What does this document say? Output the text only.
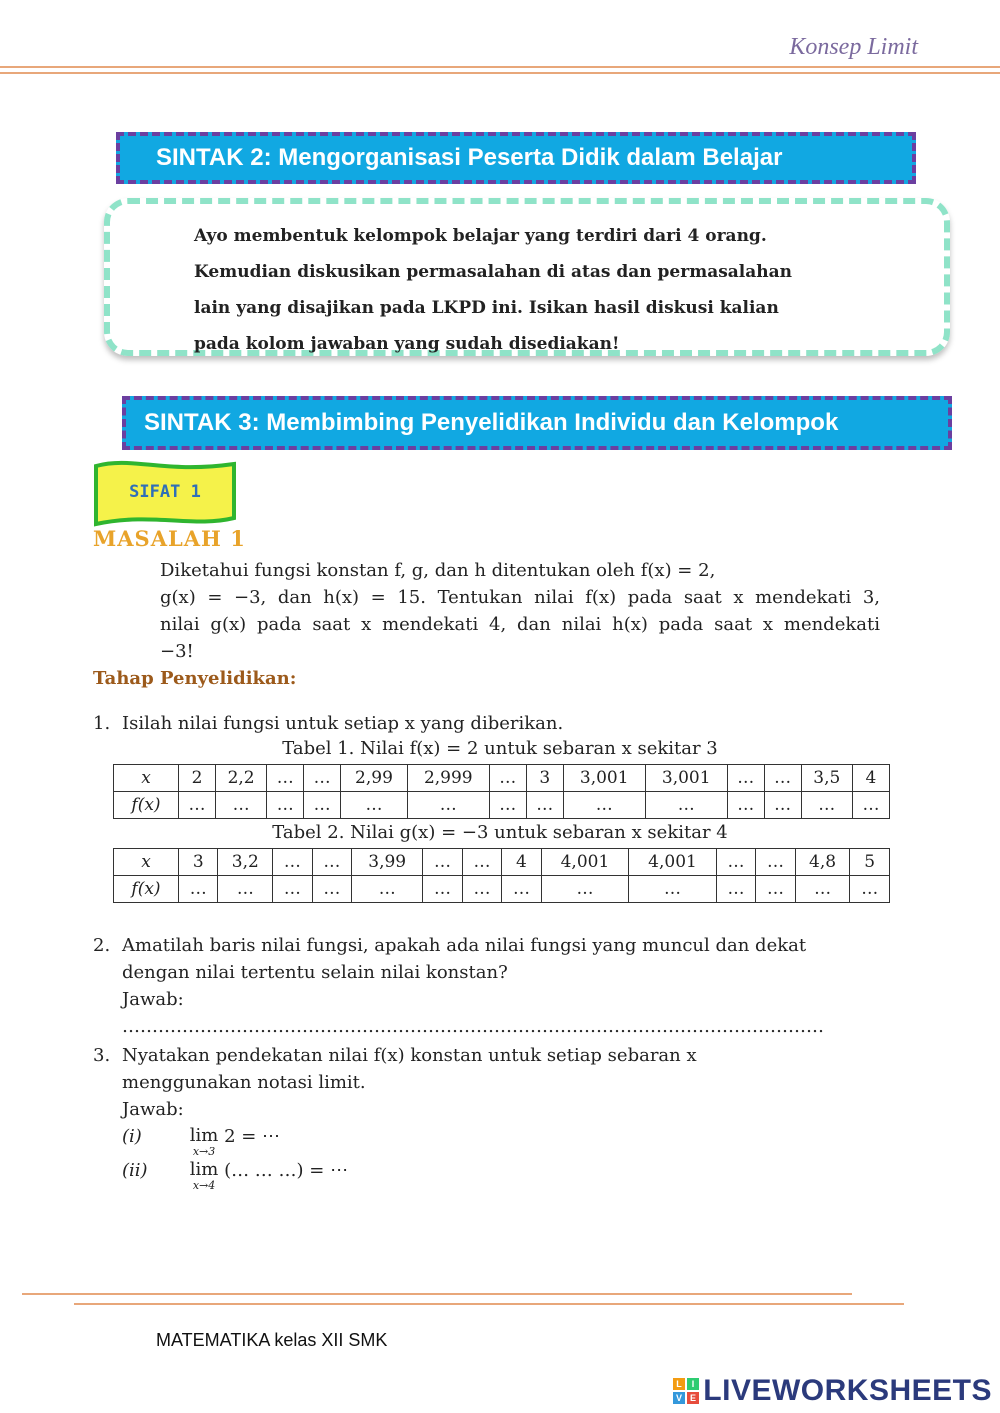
Konsep Limit
SINTAK 2: Mengorganisasi Peserta Didik dalam Belajar

Ayo membentuk kelompok belajar yang terdiri dari 4 orang.

Kemudian diskusikan permasalahan di atas dan permasalahan

lain yang disajikan pada LKPD ini. Isikan hasil diskusi kalian

pada kolom jawaban yang sudah disediakan!

SINTAK 3: Membimbing Penyelidikan Individu dan Kelompok
SIFAT 1
MASALAH 1
Diketahui fungsi konstan f, g, dan h ditentukan oleh f(x) = 2,
g(x) = −3, dan h(x) = 15. Tentukan nilai f(x) pada saat x mendekati 3,
nilai g(x) pada saat x mendekati 4, dan nilai h(x) pada saat x mendekati
−3!
Tahap Penyelidikan:
1. Isilah nilai fungsi untuk setiap x yang diberikan.
Tabel 1. Nilai f(x) = 2 untuk sebaran x sekitar 3
x	2	2,2	…	…	2,99	2,999	…	3	3,001	3,001	…	…	3,5	4
f(x)	…	…	…	…	…	…	…	…	…	…	…	…	…	…
Tabel 2. Nilai g(x) = −3 untuk sebaran x sekitar 4
x	3	3,2	…	…	3,99	…	…	4	4,001	4,001	…	…	4,8	5
f(x)	…	…	…	…	…	…	…	…	…	…	…	…	…	…
2. Amatilah baris nilai fungsi, apakah ada nilai fungsi yang muncul dan dekat
dengan nilai tertentu selain nilai konstan?
Jawab:
………………………………………………………………………………………………………
3. Nyatakan pendekatan nilai f(x) konstan untuk setiap sebaran x
menggunakan notasi limit.
Jawab:
(i)	lim
x→3
2 = ⋯
(ii) lim
x→4
(… … …) = ⋯
MATEMATIKA kelas XII SMK
L	I
V E LIVEWORKSHEETS
